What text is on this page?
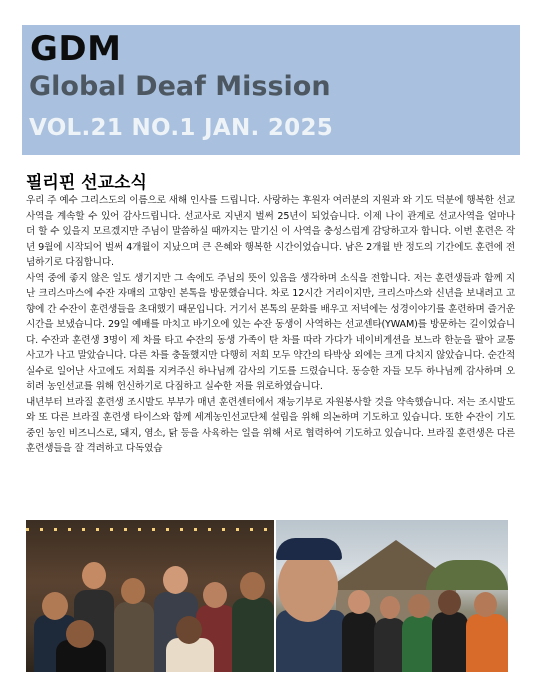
GDM
Global Deaf Mission
VOL.21 NO.1 JAN. 2025
필리핀 선교소식

우리 주 예수 그리스도의 이름으로 새해 인사를 드립니다. 사랑하는 후원자 여러분의 지원과 와 기도 덕분에 행복한 선교사역을 계속할 수 있어 감사드립니다. 선교사로 지낸지 벌써 25년이 되었습니다. 이제 나이 관계로 선교사역을 얼마나 더 할 수 있을지 모르겠지만 주님이 말씀하실 때까지는 맡기신 이 사역을 충성스럽게 감당하고자 합니다. 이번 훈련은 작년 9월에 시작되어 벌써 4개월이 지났으며 큰 은혜와 행복한 시간이었습니다. 남은 2개월 반 정도의 기간에도 훈련에 전념하기로 다짐합니다.

사역 중에 좋지 않은 일도 생기지만 그 속에도 주님의 뜻이 있음을 생각하며 소식을 전합니다. 저는 훈련생들과 함께 지난 크리스마스에 수잔 자매의 고향인 본톡을 방문했습니다. 차로 12시간 거리이지만, 크리스마스와 신년을 보내려고 고향에 간 수잔이 훈련생들을 초대했기 때문입니다. 거기서 본톡의 문화를 배우고 저녁에는 성경이야기를 훈련하며 즐거운 시간을 보냈습니다. 29일 예배를 마치고 바기오에 있는 수잔 동생이 사역하는 선교센타(YWAM)를 방문하는 길이었습니다. 수잔과 훈련생 3명이 제 차를 타고 수잔의 동생 가족이 탄 차를 따라 가다가 네이비게션을 보느라 한눈을 팔아 교통사고가 나고 말았습니다. 다른 차를 충돌했지만 다행히 저희 모두 약간의 타박상 외에는 크게 다치지 않았습니다. 순간적 실수로 일어난 사고에도 저희를 지켜주신 하나님께 감사의 기도를 드렸습니다. 동승한 자들 모두 하나님께 감사하며 오히려 농인선교를 위해 헌신하기로 다짐하고 실수한 저를 위로하였습니다.

내년부터 브라질 훈련생 조시발도 부부가 매년 훈련센터에서 재능기부로 자원봉사할 것을 약속했습니다. 저는 조시발도와 또 다른 브라질 훈련생 타이스와 함께 세계농인선교단체 설립을 위해 의논하며 기도하고 있습니다. 또한 수잔이 기도 중인 농인 비즈니스로, 돼지, 염소, 닭 등을 사육하는 일을 위해 서로 협력하여 기도하고 있습니다. 브라질 훈련생은 다른 훈련생들을 잘 격려하고 다독였습
